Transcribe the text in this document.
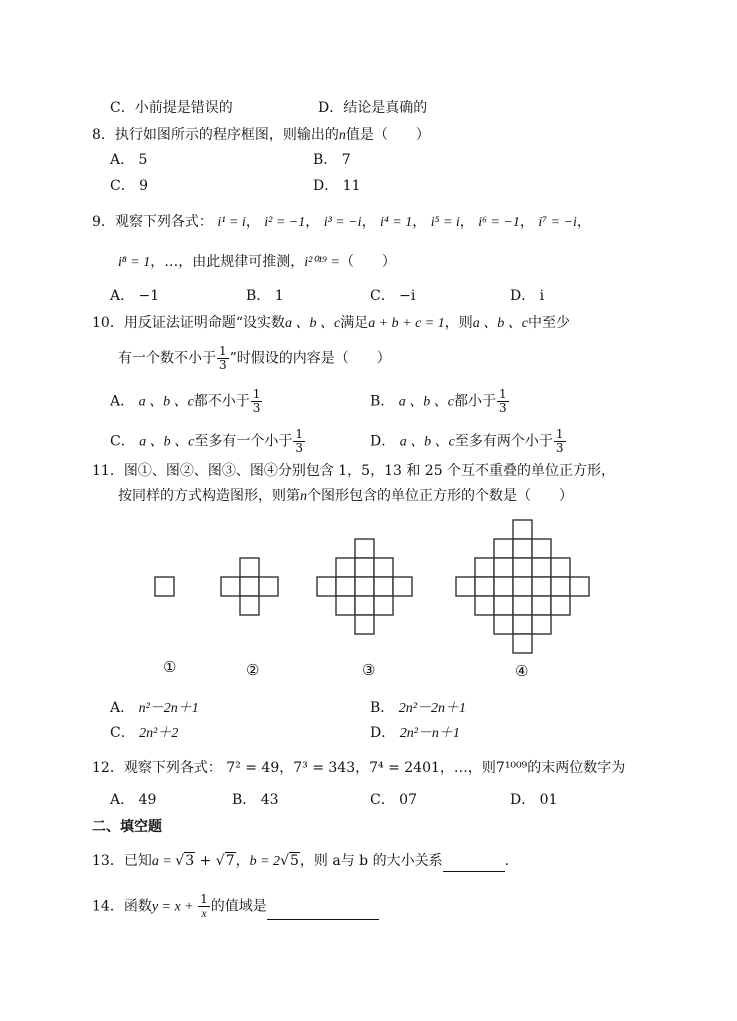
C．小前提是错误的	D．结论是真确的
8．执行如图所示的程序框图，则输出的n值是（　　）
A． 5	B． 7
C． 9	D． 11
9．观察下列各式： i¹ = i， i² = −1， i³ = −i， i⁴ = 1， i⁵ = i， i⁶ = −1， i⁷ = −i，
i⁸ = 1，…，由此规律可推测，i²⁰¹⁹ =（　　）
A． −1	B． 1	C． −i	D． i
10．用反证法证明命题“设实数a 、b 、c满足a + b + c = 1，则a 、b 、c中至少
有一个数不小于 $\frac{1}{3}$ ”时假设的内容是（　　）
A． a 、b 、c都不小于 $\frac{1}{3}$	B． a 、b 、c都小于 $\frac{1}{3}$
C． a 、b 、c至多有一个小于 $\frac{1}{3}$	D． a 、b 、c至多有两个小于 $\frac{1}{3}$
11．图①、图②、图③、图④分别包含 1，5，13 和 25 个互不重叠的单位正方形，
按同样的方式构造图形，则第n个图形包含的单位正方形的个数是（　　）
①	②	③	④
A． n²－2n＋1	B． 2n²－2n＋1
C． 2n²＋2	D． 2n²－n＋1
12．观察下列各式： 7² = 49，7³ = 343，7⁴ = 2401，…，则7¹⁰⁰⁹的末两位数字为
A． 49	B． 43	C． 07	D． 01
二、填空题
13．已知a = √3 + √7，b = 2√5，则 a与 b 的大小关系	.
14．函数$y = x + \frac{1}{x}$ 的值域是
